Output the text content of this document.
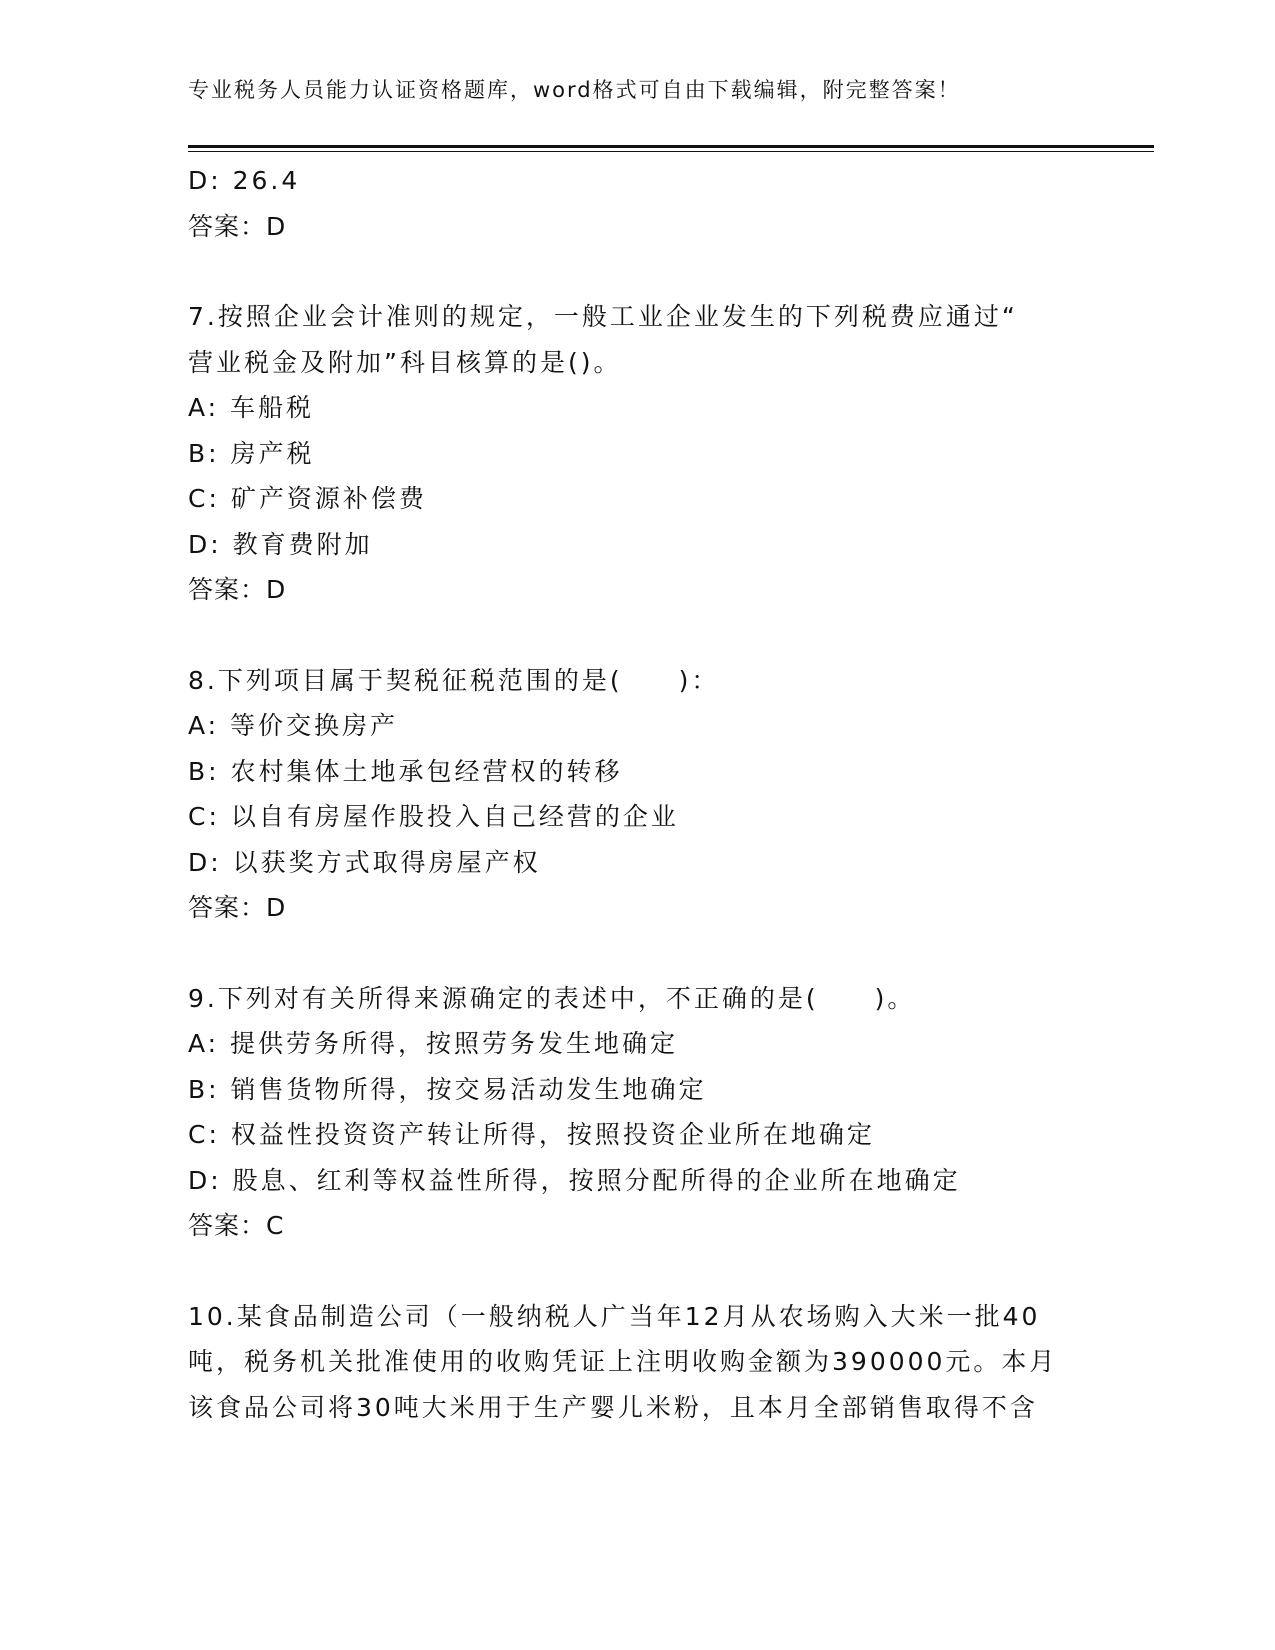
专业税务人员能力认证资格题库，word格式可自由下载编辑，附完整答案！
D: 26.4
答案：D
7.按照企业会计准则的规定，一般工业企业发生的下列税费应通过“
营业税金及附加”科目核算的是()。
A: 车船税
B: 房产税
C: 矿产资源补偿费
D: 教育费附加
答案：D
8.下列项目属于契税征税范围的是(　　)：
A: 等价交换房产
B: 农村集体土地承包经营权的转移
C: 以自有房屋作股投入自己经营的企业
D: 以获奖方式取得房屋产权
答案：D
9.下列对有关所得来源确定的表述中，不正确的是(　　)。
A: 提供劳务所得，按照劳务发生地确定
B: 销售货物所得，按交易活动发生地确定
C: 权益性投资资产转让所得，按照投资企业所在地确定
D: 股息、红利等权益性所得，按照分配所得的企业所在地确定
答案：C
10.某食品制造公司（一般纳税人广当年12月从农场购入大米一批40
吨，税务机关批准使用的收购凭证上注明收购金额为390000元。本月
该食品公司将30吨大米用于生产婴儿米粉，且本月全部销售取得不含
